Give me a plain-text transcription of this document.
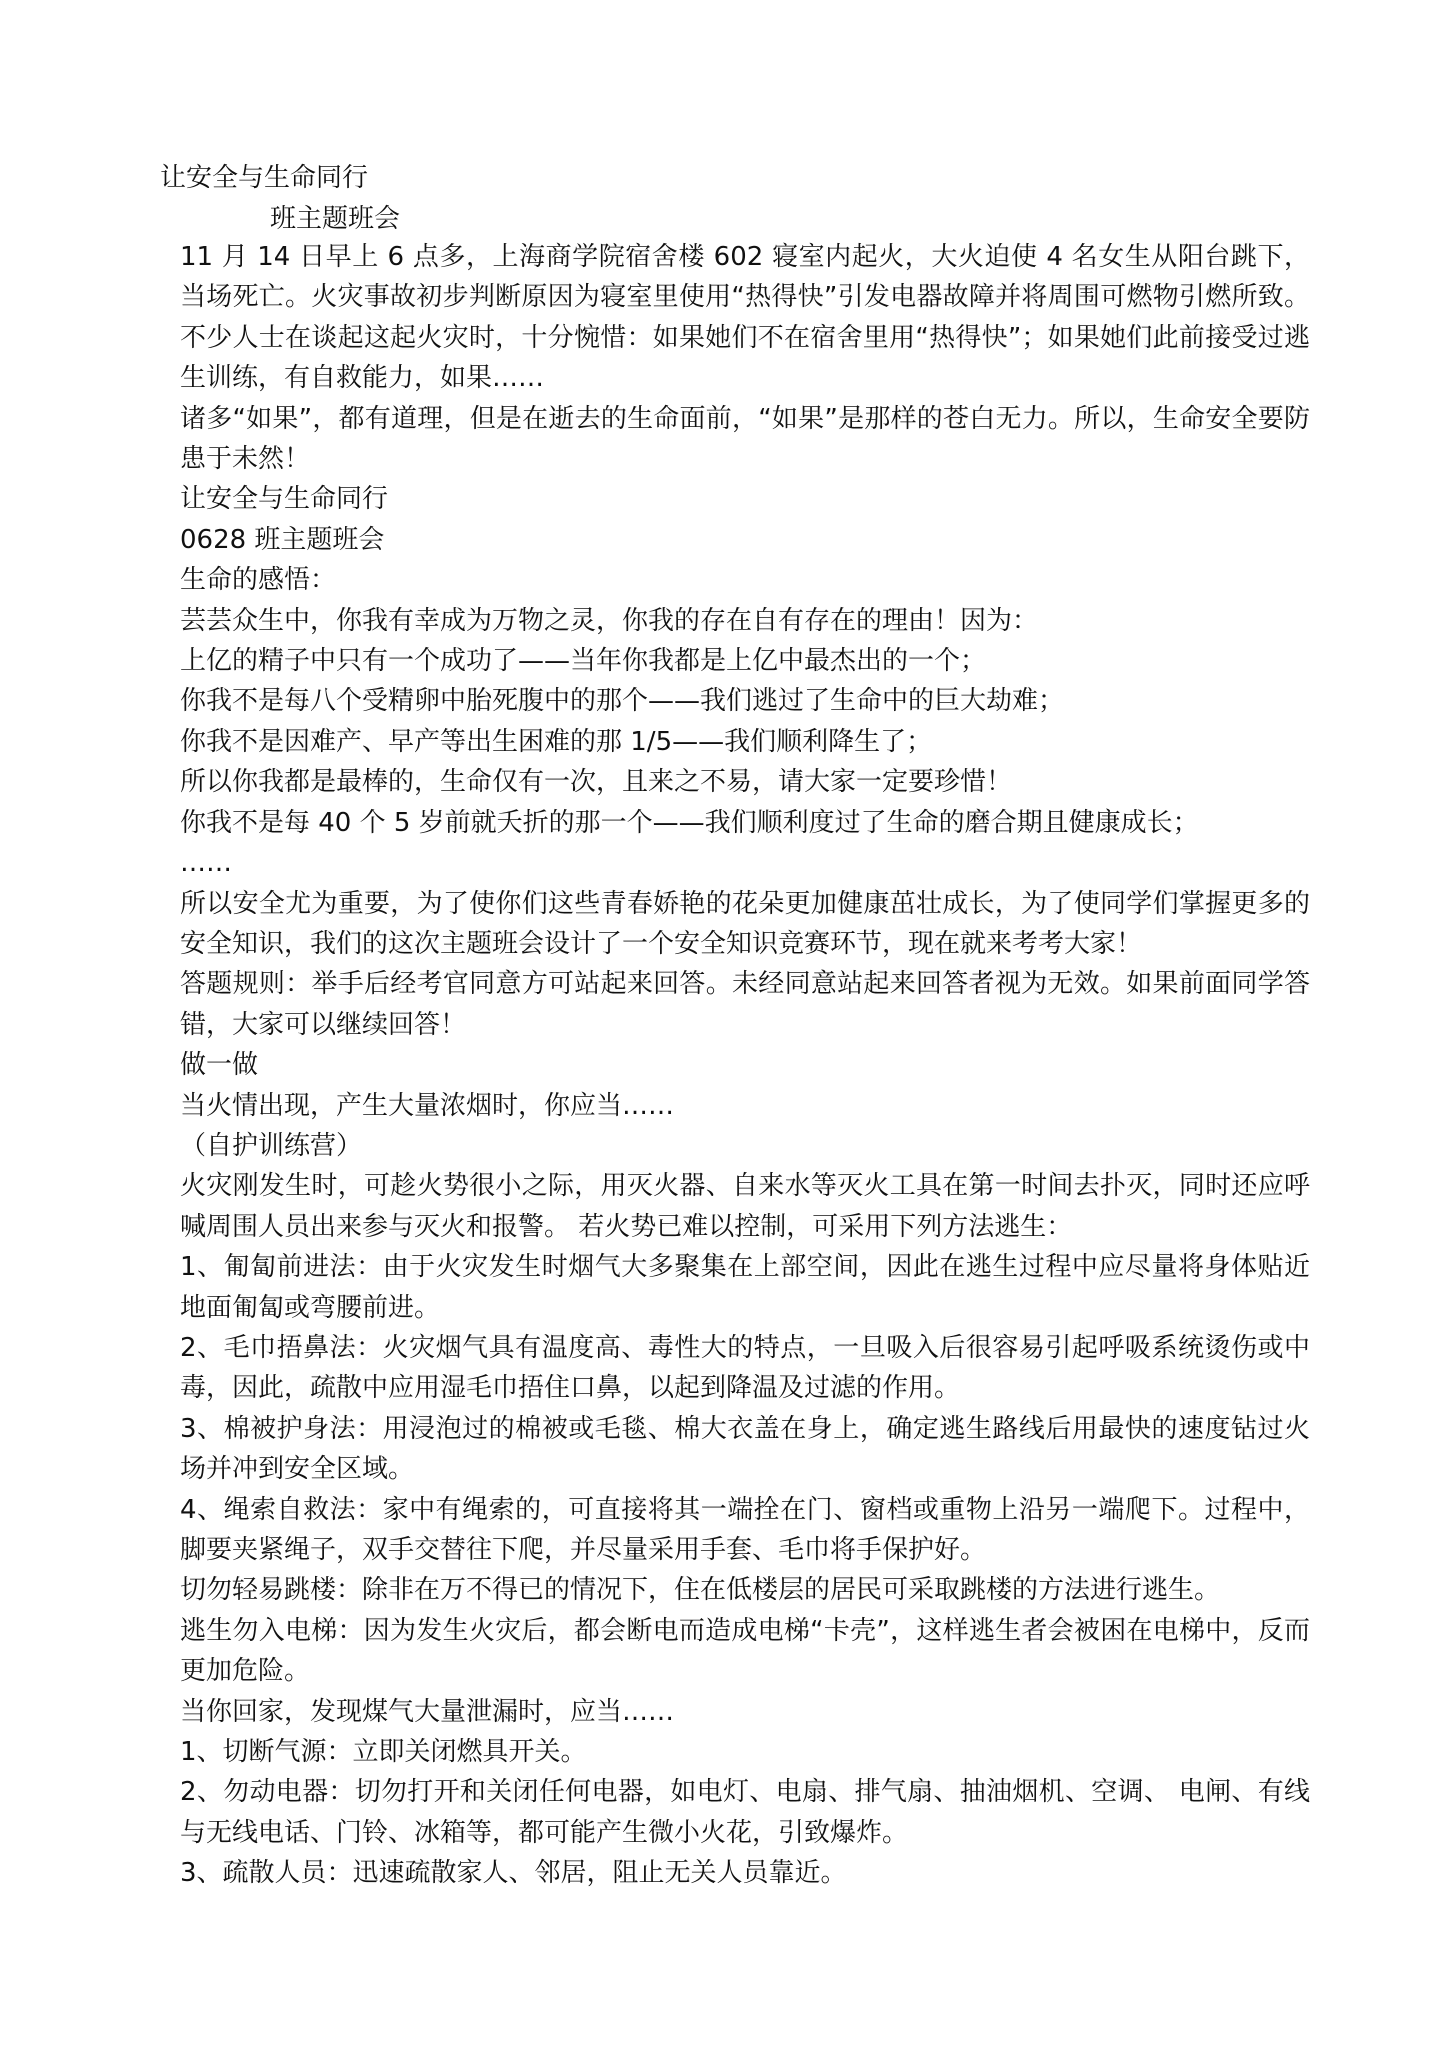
让安全与生命同行
班主题班会

11 月 14 日早上 6 点多，上海商学院宿舍楼 602 寝室内起火，大火迫使 4 名女生从阳台跳下，当场死亡。火灾事故初步判断原因为寝室里使用“热得快”引发电器故障并将周围可燃物引燃所致。不少人士在谈起这起火灾时，十分惋惜：如果她们不在宿舍里用“热得快”；如果她们此前接受过逃生训练，有自救能力，如果……

诸多“如果”，都有道理，但是在逝去的生命面前，“如果”是那样的苍白无力。所以，生命安全要防患于未然！

让安全与生命同行

0628 班主题班会

生命的感悟：

芸芸众生中，你我有幸成为万物之灵，你我的存在自有存在的理由！因为：

上亿的精子中只有一个成功了——当年你我都是上亿中最杰出的一个；

你我不是每八个受精卵中胎死腹中的那个——我们逃过了生命中的巨大劫难；

你我不是因难产、早产等出生困难的那 1/5——我们顺利降生了；

所以你我都是最棒的，生命仅有一次，且来之不易，请大家一定要珍惜！

你我不是每 40 个 5 岁前就夭折的那一个——我们顺利度过了生命的磨合期且健康成长；

……

所以安全尤为重要，为了使你们这些青春娇艳的花朵更加健康茁壮成长，为了使同学们掌握更多的安全知识，我们的这次主题班会设计了一个安全知识竞赛环节，现在就来考考大家！

答题规则：举手后经考官同意方可站起来回答。未经同意站起来回答者视为无效。如果前面同学答错，大家可以继续回答！

做一做

当火情出现，产生大量浓烟时，你应当……

（自护训练营）

火灾刚发生时，可趁火势很小之际，用灭火器、自来水等灭火工具在第一时间去扑灭，同时还应呼喊周围人员出来参与灭火和报警。 若火势已难以控制，可采用下列方法逃生：

1、匍匐前进法：由于火灾发生时烟气大多聚集在上部空间，因此在逃生过程中应尽量将身体贴近地面匍匐或弯腰前进。

2、毛巾捂鼻法：火灾烟气具有温度高、毒性大的特点，一旦吸入后很容易引起呼吸系统烫伤或中毒，因此，疏散中应用湿毛巾捂住口鼻，以起到降温及过滤的作用。

3、棉被护身法：用浸泡过的棉被或毛毯、棉大衣盖在身上，确定逃生路线后用最快的速度钻过火场并冲到安全区域。

4、绳索自救法：家中有绳索的，可直接将其一端拴在门、窗档或重物上沿另一端爬下。过程中，脚要夹紧绳子，双手交替往下爬，并尽量采用手套、毛巾将手保护好。

切勿轻易跳楼：除非在万不得已的情况下，住在低楼层的居民可采取跳楼的方法进行逃生。

逃生勿入电梯：因为发生火灾后，都会断电而造成电梯“卡壳”，这样逃生者会被困在电梯中，反而更加危险。

当你回家，发现煤气大量泄漏时，应当……

1、切断气源：立即关闭燃具开关。

2、勿动电器：切勿打开和关闭任何电器，如电灯、电扇、排气扇、抽油烟机、空调、 电闸、有线与无线电话、门铃、冰箱等，都可能产生微小火花，引致爆炸。

3、疏散人员：迅速疏散家人、邻居，阻止无关人员靠近。
